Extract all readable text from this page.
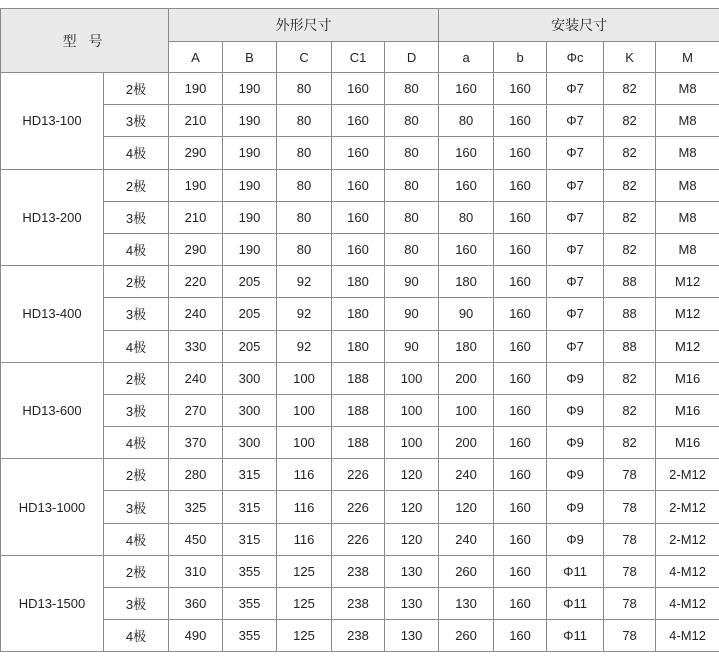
型 号		外形尺寸					安装尺寸				
		A	B	C	C1	D	a	b	Φc	K	M
HD13-100	2极	190	190	80	160	80	160	160	Φ7	82	M8
	3极	210	190	80	160	80	80	160	Φ7	82	M8
	4极	290	190	80	160	80	160	160	Φ7	82	M8
HD13-200	2极	190	190	80	160	80	160	160	Φ7	82	M8
	3极	210	190	80	160	80	80	160	Φ7	82	M8
	4极	290	190	80	160	80	160	160	Φ7	82	M8
HD13-400	2极	220	205	92	180	90	180	160	Φ7	88	M12
	3极	240	205	92	180	90	90	160	Φ7	88	M12
	4极	330	205	92	180	90	180	160	Φ7	88	M12
HD13-600	2极	240	300	100	188	100	200	160	Φ9	82	M16
	3极	270	300	100	188	100	100	160	Φ9	82	M16
	4极	370	300	100	188	100	200	160	Φ9	82	M16
HD13-1000	2极	280	315	116	226	120	240	160	Φ9	78	2-M12
	3极	325	315	116	226	120	120	160	Φ9	78	2-M12
	4极	450	315	116	226	120	240	160	Φ9	78	2-M12
HD13-1500	2极	310	355	125	238	130	260	160	Φ11	78	4-M12
	3极	360	355	125	238	130	130	160	Φ11	78	4-M12
	4极	490	355	125	238	130	260	160	Φ11	78	4-M12
